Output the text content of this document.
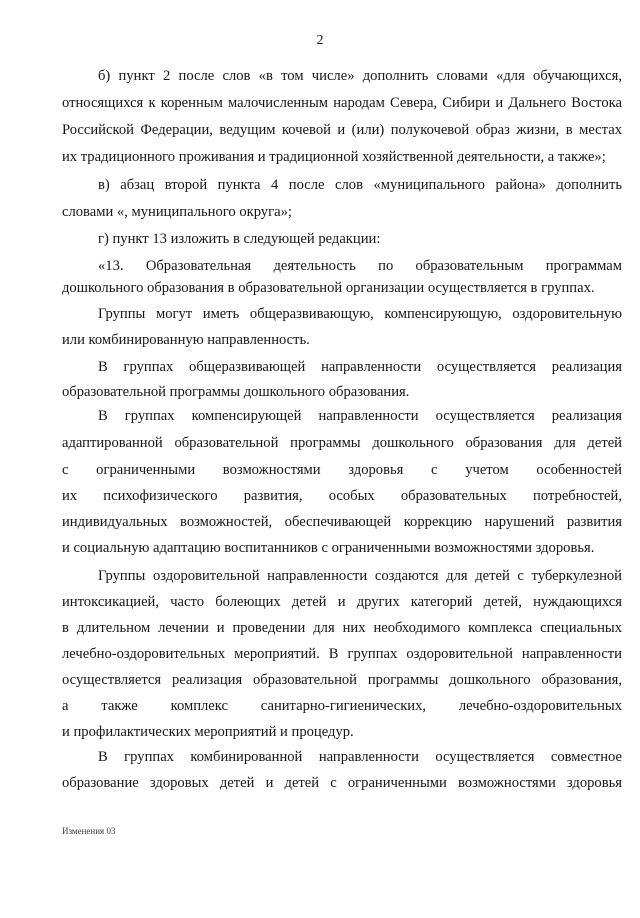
2
б) пункт 2 после слов «в том числе» дополнить словами «для обучающихся,
относящихся к коренным малочисленным народам Севера, Сибири и Дальнего Востока
Российской Федерации, ведущим кочевой и (или) полукочевой образ жизни, в местах
их традиционного проживания и традиционной хозяйственной деятельности, а также»;
в) абзац второй пункта 4 после слов «муниципального района» дополнить
словами «, муниципального округа»;
г) пункт 13 изложить в следующей редакции:
«13. Образовательная деятельность по образовательным программам
дошкольного образования в образовательной организации осуществляется в группах.
Группы могут иметь общеразвивающую, компенсирующую, оздоровительную
или комбинированную направленность.
В группах общеразвивающей направленности осуществляется реализация
образовательной программы дошкольного образования.
В группах компенсирующей направленности осуществляется реализация
адаптированной образовательной программы дошкольного образования для детей
с ограниченными возможностями здоровья с учетом особенностей
их психофизического развития, особых образовательных потребностей,
индивидуальных возможностей, обеспечивающей коррекцию нарушений развития
и социальную адаптацию воспитанников с ограниченными возможностями здоровья.
Группы оздоровительной направленности создаются для детей с туберкулезной
интоксикацией, часто болеющих детей и других категорий детей, нуждающихся
в длительном лечении и проведении для них необходимого комплекса специальных
лечебно-оздоровительных мероприятий. В группах оздоровительной направленности
осуществляется реализация образовательной программы дошкольного образования,
а также комплекс санитарно-гигиенических, лечебно-оздоровительных
и профилактических мероприятий и процедур.
В группах комбинированной направленности осуществляется совместное
образование здоровых детей и детей с ограниченными возможностями здоровья
Изменения 03
